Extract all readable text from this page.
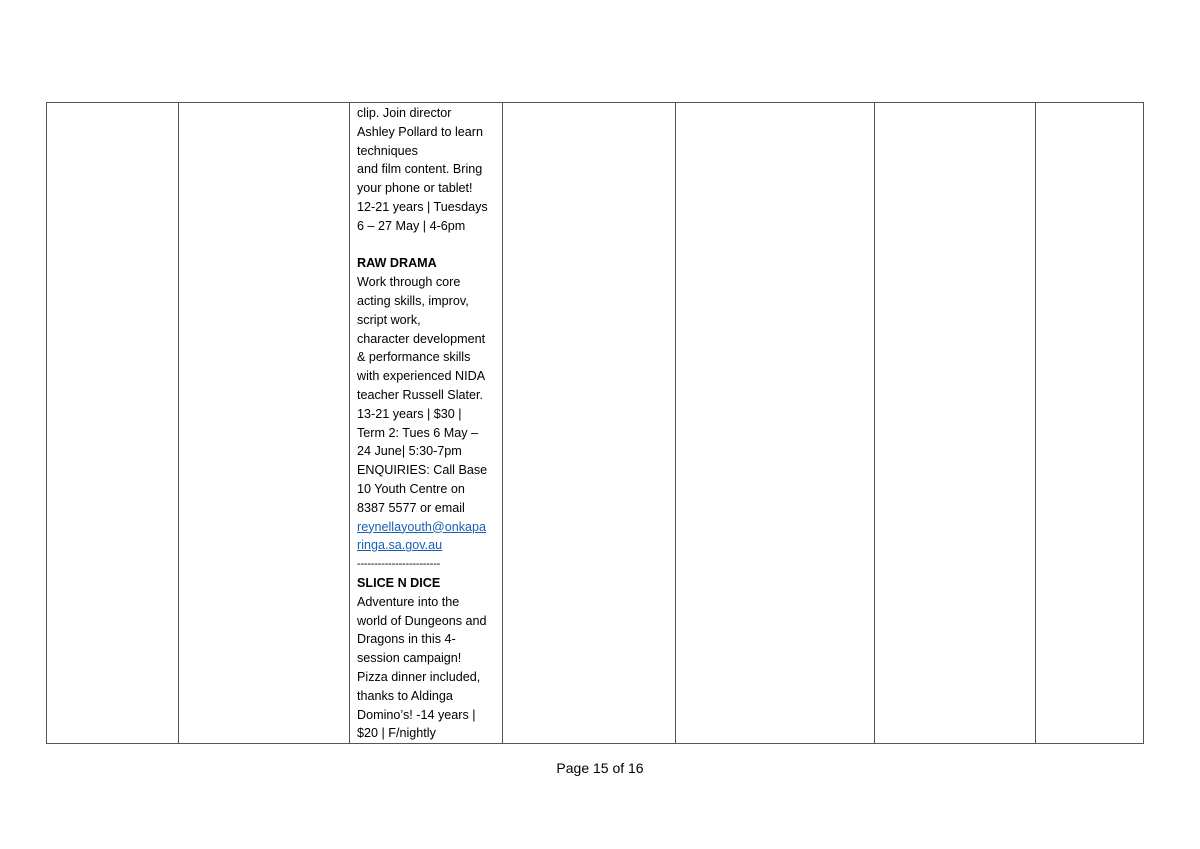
clip. Join director
Ashley Pollard to learn
techniques
and film content. Bring
your phone or tablet!
12-21 years | Tuesdays
6 – 27 May | 4-6pm
RAW DRAMA
Work through core
acting skills, improv,
script work,
character development
& performance skills
with experienced NIDA
teacher Russell Slater.
13-21 years | $30 |
Term 2: Tues 6 May –
24 June| 5:30-7pm
ENQUIRIES: Call Base
10 Youth Centre on
8387 5577 or email
reynellayouth@onkapa
ringa.sa.gov.au
------------------------
SLICE N DICE
Adventure into the
world of Dungeons and
Dragons in this 4-
session campaign!
Pizza dinner included,
thanks to Aldinga
Domino’s! -14 years |
$20 | F/nightly

Page 15 of 16
